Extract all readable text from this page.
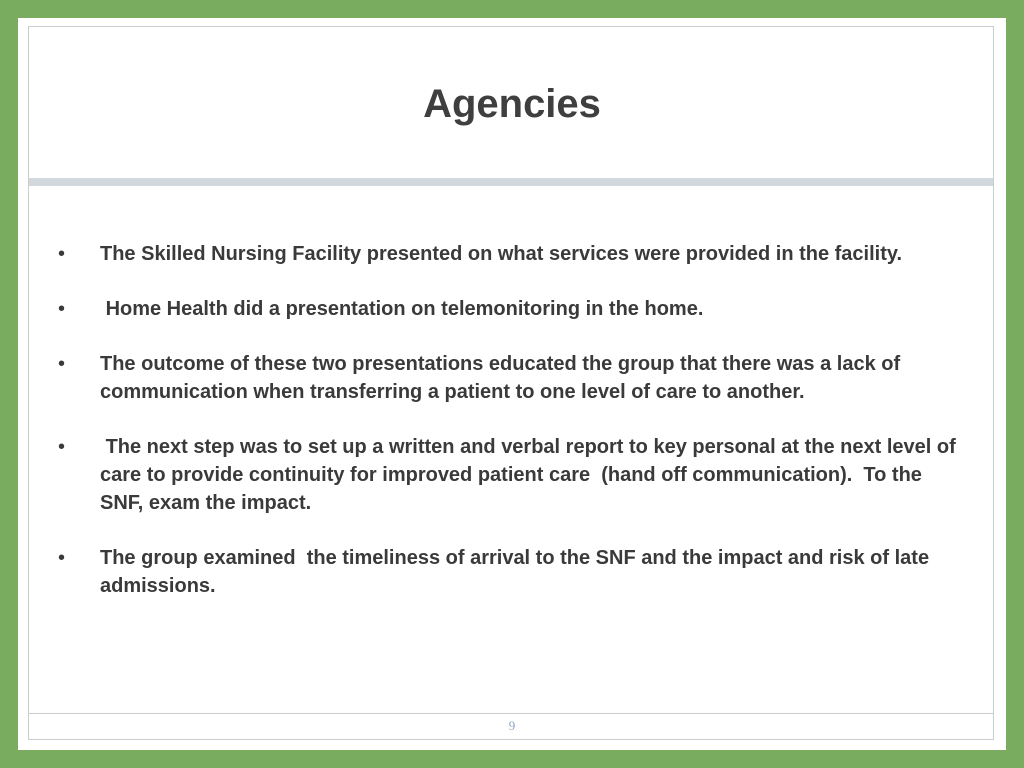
Agencies
•	The Skilled Nursing Facility presented on what services were provided in the facility.
•	Home Health did a presentation on telemonitoring in the home.
•	The outcome of these two presentations educated the group that there was a lack of communication when transferring a patient to one level of care to another.
•	The next step was to set up a written and verbal report to key personal at the next level of care to provide continuity for improved patient care  (hand off communication).  To the SNF, exam the impact.
•	The group examined  the timeliness of arrival to the SNF and the impact and risk of late admissions.
9
